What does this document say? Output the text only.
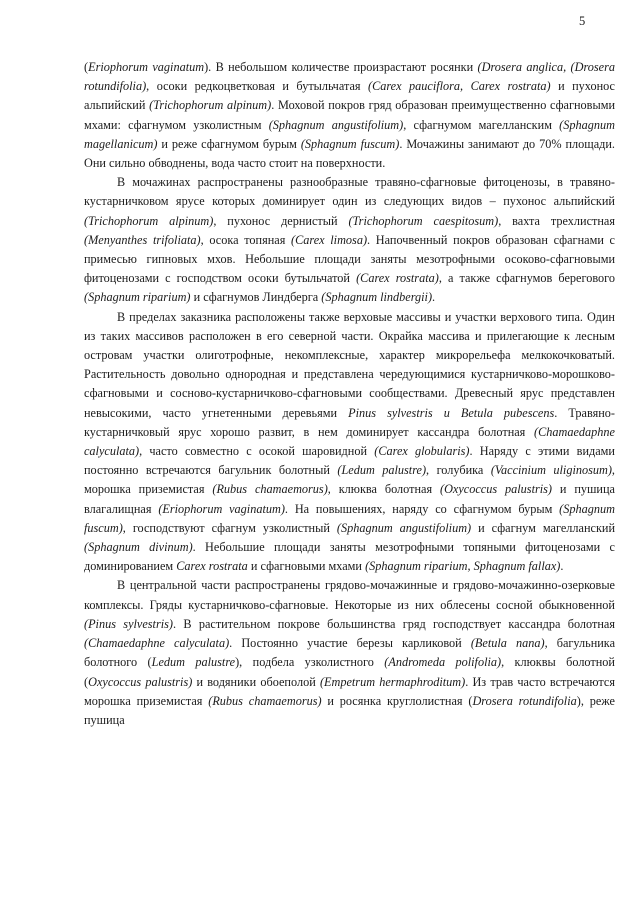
5

(Eriophorum vaginatum). В небольшом количестве произрастают росянки (Drosera anglica, (Drosera rotundifolia), осоки редкоцветковая и бутыльчатая (Carex pauciflora, Carex rostrata) и пухонос альпийский (Trichophorum alpinum). Моховой покров гряд образован преимущественно сфагновыми мхами: сфагнумом узколистным (Sphagnum angustifolium), сфагнумом магелланским (Sphagnum magellanicum) и реже сфагнумом бурым (Sphagnum fuscum). Мочажины занимают до 70% площади. Они сильно обводнены, вода часто стоит на поверхности.

В мочажинах распространены разнообразные травяно-сфагновые фитоценозы, в травяно-кустарничковом ярусе которых доминирует один из следующих видов – пухонос альпийский (Trichophorum alpinum), пухонос дернистый (Trichophorum caespitosum), вахта трехлистная (Menyanthes trifoliata), осока топяная (Carex limosa). Напочвенный покров образован сфагнами с примесью гипновых мхов. Небольшие площади заняты мезотрофными осоково-сфагновыми фитоценозами с господством осоки бутыльчатой (Carex rostrata), а также сфагнумов берегового (Sphagnum riparium) и сфагнумов Линдберга (Sphagnum lindbergii).

В пределах заказника расположены также верховые массивы и участки верхового типа. Один из таких массивов расположен в его северной части. Окрайка массива и прилегающие к лесным островам участки олиготрофные, некомплексные, характер микрорельефа мелкокочковатый. Растительность довольно однородная и представлена чередующимися кустарничково-морошково-сфагновыми и сосново-кустарничково-сфагновыми сообществами. Древесный ярус представлен невысокими, часто угнетенными деревьями Pinus sylvestris и Betula pubescens. Травяно-кустарничковый ярус хорошо развит, в нем доминирует кассандра болотная (Chamaedaphne calyculata), часто совместно с осокой шаровидной (Carex globularis). Наряду с этими видами постоянно встречаются багульник болотный (Ledum palustre), голубика (Vaccinium uliginosum), морошка приземистая (Rubus chamaemorus), клюква болотная (Oxycoccus palustris) и пушица влагалищная (Eriophorum vaginatum). На повышениях, наряду со сфагнумом бурым (Sphagnum fuscum), господствуют сфагнум узколистный (Sphagnum angustifolium) и сфагнум магелланский (Sphagnum divinum). Небольшие площади заняты мезотрофными топяными фитоценозами с доминированием Carex rostrata и сфагновыми мхами (Sphagnum riparium, Sphagnum fallax).

В центральной части распространены грядово-мочажинные и грядово-мочажинно-озерковые комплексы. Гряды кустарничково-сфагновые. Некоторые из них облесены сосной обыкновенной (Pinus sylvestris). В растительном покрове большинства гряд господствует кассандра болотная (Chamaedaphne calyculata). Постоянно участие березы карликовой (Betula nana), багульника болотного (Ledum palustre), подбела узколистного (Andromeda polifolia), клюквы болотной (Oxycoccus palustris) и водяники обоеполой (Empetrum hermaphroditum). Из трав часто встречаются морошка приземистая (Rubus chamaemorus) и росянка круглолистная (Drosera rotundifolia), реже пушица
